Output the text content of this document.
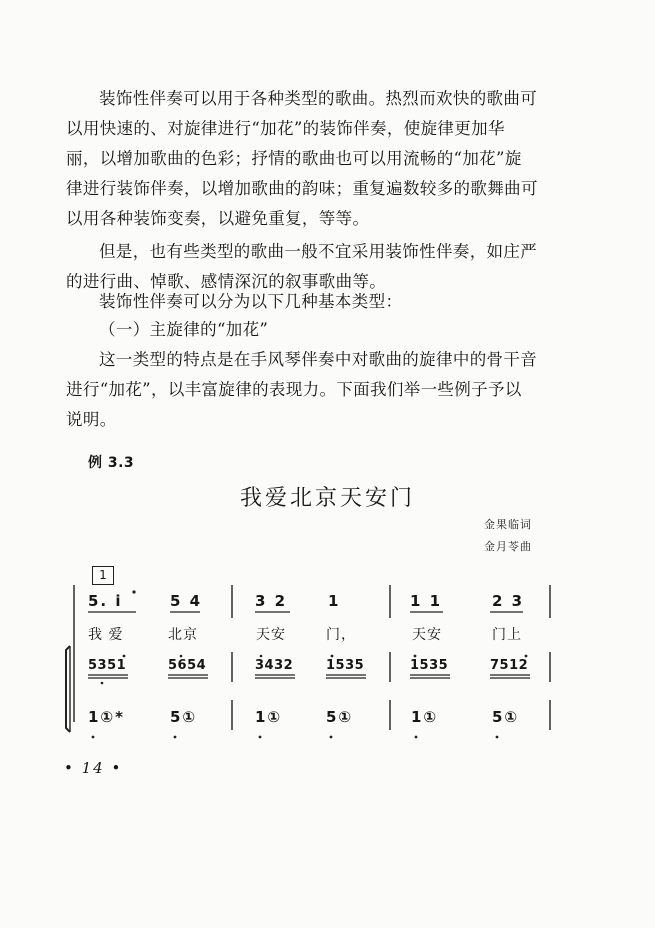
装饰性伴奏可以用于各种类型的歌曲。热烈而欢快的歌曲可
以用快速的、对旋律进行“加花”的装饰伴奏，使旋律更加华
丽，以增加歌曲的色彩；抒情的歌曲也可以用流畅的“加花”旋
律进行装饰伴奏，以增加歌曲的韵味；重复遍数较多的歌舞曲可
以用各种装饰变奏，以避免重复，等等。

但是，也有些类型的歌曲一般不宜采用装饰性伴奏，如庄严
的进行曲、悼歌、感情深沉的叙事歌曲等。

装饰性伴奏可以分为以下几种基本类型：

（一）主旋律的“加花”

这一类型的特点是在手风琴伴奏中对歌曲的旋律中的骨干音
进行“加花”，以丰富旋律的表现力。下面我们举一些例子予以
说明。

例 3.3
我爱北京天安门
金果临词
金月苓曲
1
5. i	5 4	3 2	1	1 1	2 3
我 爱	北京	天安	门，	天安	门上
5351	5654	3432	1535	1535	7512
1①*	5①	1①	5①	1①	5①
• 14 •
